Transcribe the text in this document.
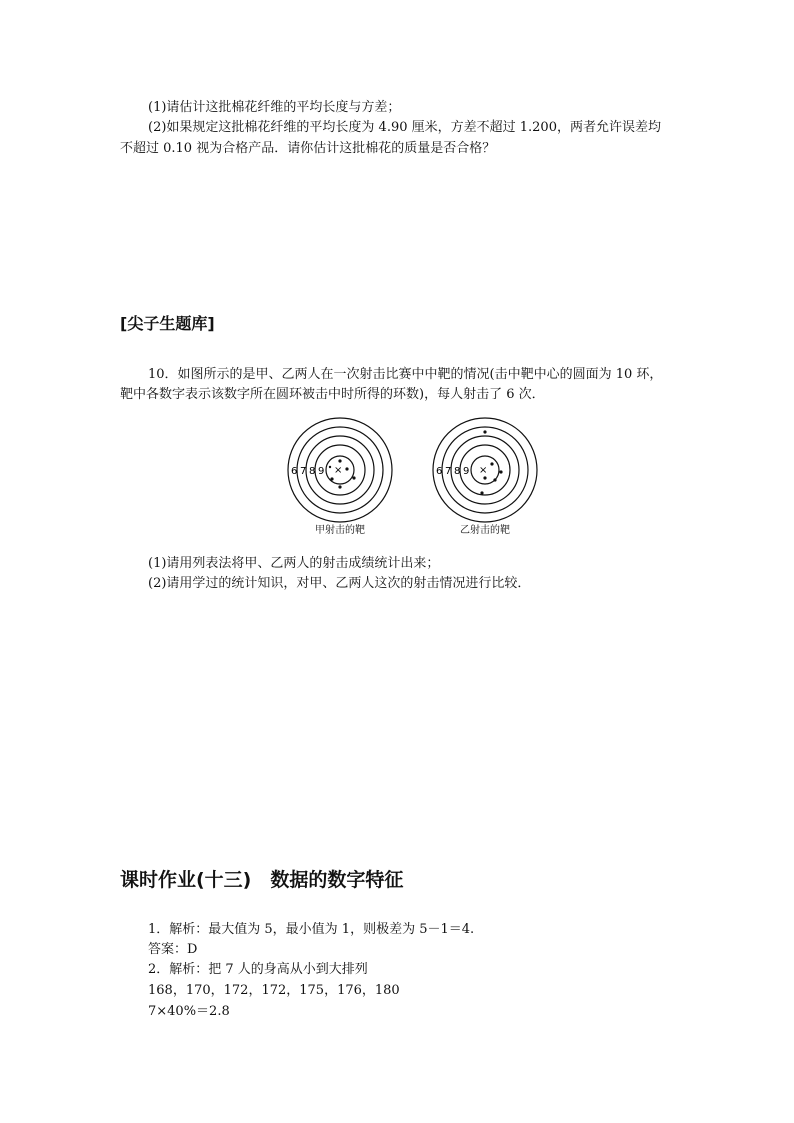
(1)请估计这批棉花纤维的平均长度与方差；
(2)如果规定这批棉花纤维的平均长度为 4.90 厘米，方差不超过 1.200，两者允许误差均
不超过 0.10 视为合格产品．请你估计这批棉花的质量是否合格？
[尖子生题库]
10．如图所示的是甲、乙两人在一次射击比赛中中靶的情况(击中靶中心的圆面为 10 环，
靶中各数字表示该数字所在圆环被击中时所得的环数)，每人射击了 6 次．
6 7 8 9 ×
甲射击的靶
6 7 8 9 ×
乙射击的靶
(1)请用列表法将甲、乙两人的射击成绩统计出来；
(2)请用学过的统计知识，对甲、乙两人这次的射击情况进行比较．
课时作业(十三)　数据的数字特征
1．解析：最大值为 5，最小值为 1，则极差为 5－1＝4.
答案：D
2．解析：把 7 人的身高从小到大排列
168，170，172，172，175，176，180
7×40%＝2.8
